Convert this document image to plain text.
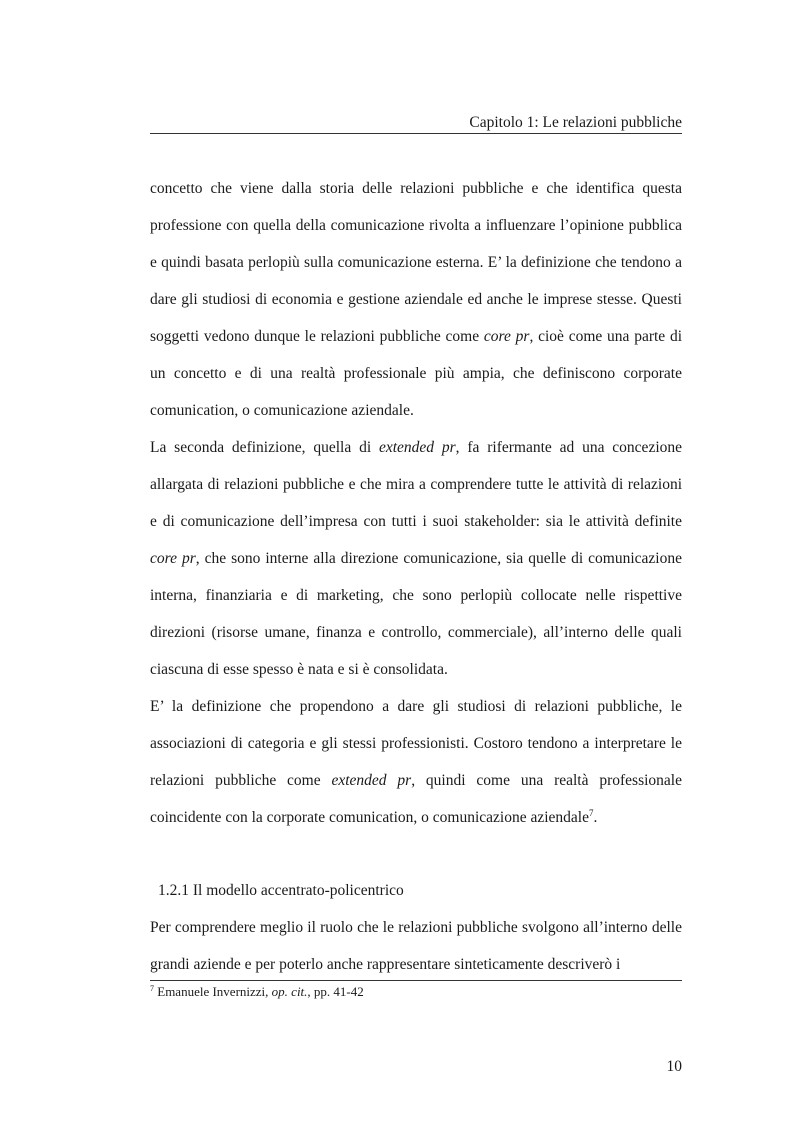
Capitolo 1: Le relazioni pubbliche

concetto che viene dalla storia delle relazioni pubbliche e che identifica questa professione con quella della comunicazione rivolta a influenzare l’opinione pubblica e quindi basata perlopiù sulla comunicazione esterna. E’ la definizione che tendono a dare gli studiosi di economia e gestione aziendale ed anche le imprese stesse. Questi soggetti vedono dunque le relazioni pubbliche come core pr, cioè come una parte di un concetto e di una realtà professionale più ampia, che definiscono corporate comunication, o comunicazione aziendale.

La seconda definizione, quella di extended pr, fa rifermante ad una concezione allargata di relazioni pubbliche e che mira a comprendere tutte le attività di relazioni e di comunicazione dell’impresa con tutti i suoi stakeholder: sia le attività definite core pr, che sono interne alla direzione comunicazione, sia quelle di comunicazione interna, finanziaria e di marketing, che sono perlopiù collocate nelle rispettive direzioni (risorse umane, finanza e controllo, commerciale), all’interno delle quali ciascuna di esse spesso è nata e si è consolidata.

E’ la definizione che propendono a dare gli studiosi di relazioni pubbliche, le associazioni di categoria e gli stessi professionisti. Costoro tendono a interpretare le relazioni pubbliche come extended pr, quindi come una realtà professionale coincidente con la corporate comunication, o comunicazione aziendale$^7$.

1.2.1 Il modello accentrato-policentrico

Per comprendere meglio il ruolo che le relazioni pubbliche svolgono all’interno delle grandi aziende e per poterlo anche rappresentare sinteticamente descriverò i

$^7$ Emanuele Invernizzi, op. cit., pp. 41-42
10
